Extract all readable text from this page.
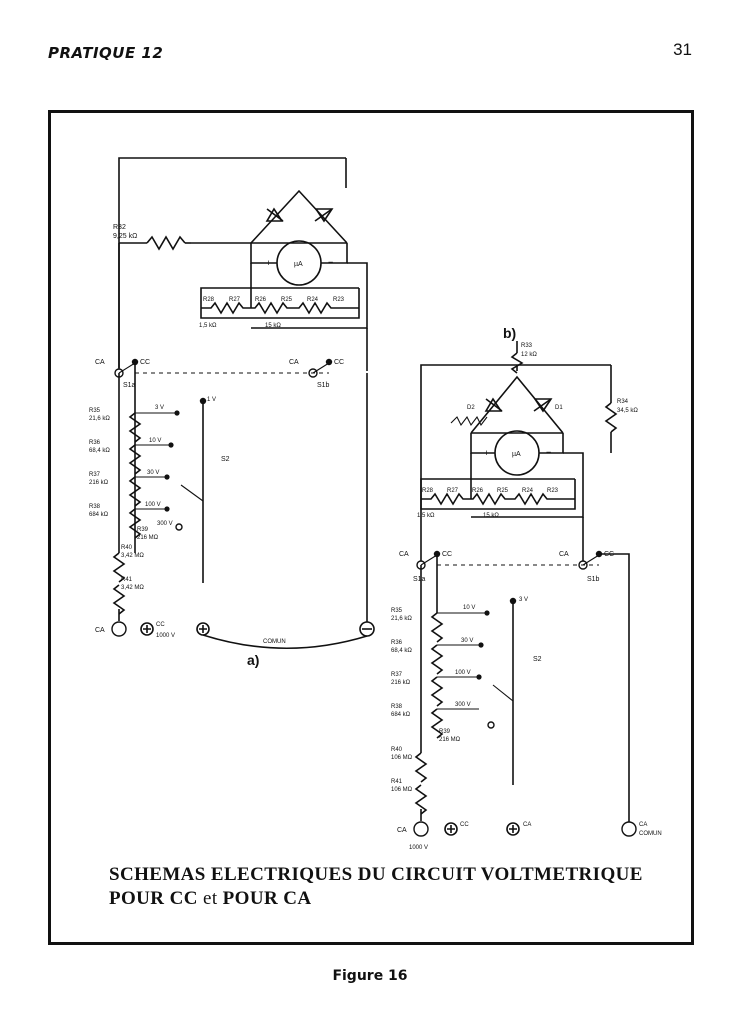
PRATIQUE 12	31
R32
9,25 kΩ
µA
+	−
R28 R27 R26 R25 R24 R23
1,5 kΩ	15 kΩ
CA	CC
S1a
CA	CC
S1b
R35
21,6 kΩ
R36
68,4 kΩ
R37
216 kΩ
R38
684 kΩ
R39
216 MΩ
3 V
10 V
30 V
100 V
300 V
1 V
S2
R40
3,42 MΩ
R41
3,42 MΩ
CA
CC
1000 V
COMUN
a)
b)
R33
12 kΩ
R34
34,5 kΩ
D2	D1
µA
+	−
R28 R27 R26 R25 R24 R23
1,5 kΩ	15 kΩ
CA	CC
S1a
CA	CC
S1b
R35
21,6 kΩ
R36
68,4 kΩ
R37
216 kΩ
R38
684 kΩ
R39
216 MΩ
10 V
30 V
100 V
300 V
3 V
S2
R40
106 MΩ
R41
106 MΩ
CA
1000 V
CC	CA	CA
COMUN
SCHEMAS ELECTRIQUES DU CIRCUIT VOLTMETRIQUE
POUR CC et POUR CA
Figure 16
